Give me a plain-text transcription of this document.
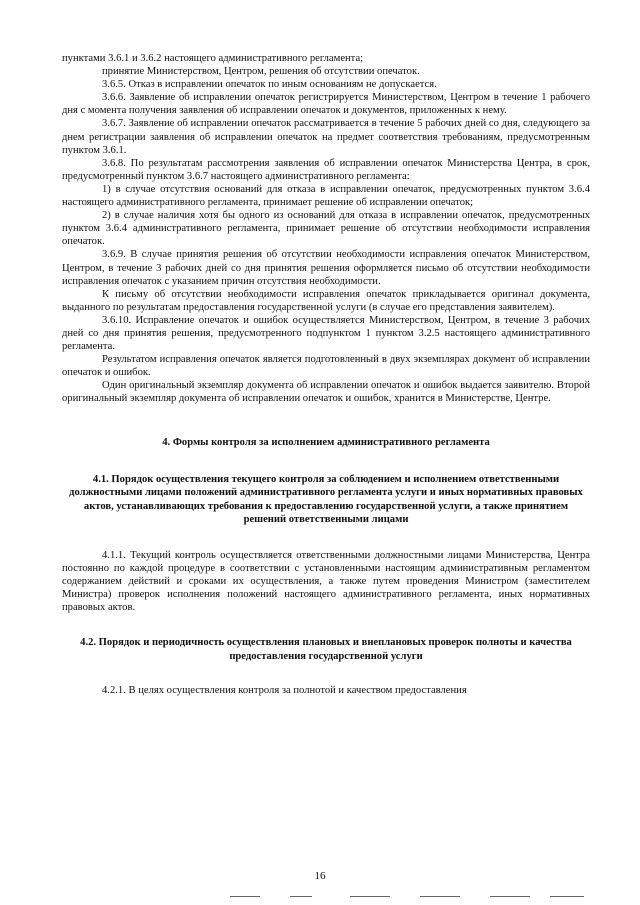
пунктами 3.6.1 и 3.6.2 настоящего административного регламента;

принятие Министерством, Центром, решения об отсутствии опечаток.

3.6.5. Отказ в исправлении опечаток по иным основаниям не допускается.

3.6.6. Заявление об исправлении опечаток регистрируется Министерством, Центром в течение 1 рабочего дня с момента получения заявления об исправлении опечаток и документов, приложенных к нему.

3.6.7. Заявление об исправлении опечаток рассматривается в течение 5 рабочих дней со дня, следующего за днем регистрации заявления об исправлении опечаток на предмет соответствия требованиям, предусмотренным пунктом 3.6.1.

3.6.8. По результатам рассмотрения заявления об исправлении опечаток Министерства Центра, в срок, предусмотренный пунктом 3.6.7 настоящего административного регламента:

1) в случае отсутствия оснований для отказа в исправлении опечаток, предусмотренных пунктом 3.6.4 настоящего административного регламента, принимает решение об исправлении опечаток;

2) в случае наличия хотя бы одного из оснований для отказа в исправлении опечаток, предусмотренных пунктом 3.6.4 административного регламента, принимает решение об отсутствии необходимости исправления опечаток.

3.6.9. В случае принятия решения об отсутствии необходимости исправления опечаток Министерством, Центром, в течение 3 рабочих дней со дня принятия решения оформляется письмо об отсутствии необходимости исправления опечаток с указанием причин отсутствия необходимости.

К письму об отсутствии необходимости исправления опечаток прикладывается оригинал документа, выданного по результатам предоставления государственной услуги (в случае его представления заявителем).

3.6.10. Исправление опечаток и ошибок осуществляется Министерством, Центром, в течение 3 рабочих дней со дня принятия решения, предусмотренного подпунктом 1 пунктом 3.2.5 настоящего административного регламента.

Результатом исправления опечаток является подготовленный в двух экземплярах документ об исправлении опечаток и ошибок.

Один оригинальный экземпляр документа об исправлении опечаток и ошибок выдается заявителю. Второй оригинальный экземпляр документа об исправлении опечаток и ошибок, хранится в Министерстве, Центре.

4. Формы контроля за исполнением административного регламента

4.1. Порядок осуществления текущего контроля за соблюдением и исполнением ответственными должностными лицами положений административного регламента услуги и иных нормативных правовых актов, устанавливающих требования к предоставлению государственной услуги, а также принятием решений ответственными лицами

4.1.1. Текущий контроль осуществляется ответственными должностными лицами Министерства, Центра постоянно по каждой процедуре в соответствии с установленными настоящим административным регламентом содержанием действий и сроками их осуществления, а также путем проведения Министром (заместителем Министра) проверок исполнения положений настоящего административного регламента, иных нормативных правовых актов.

4.2. Порядок и периодичность осуществления плановых и внеплановых проверок полноты и качества предоставления государственной услуги

4.2.1. В целях осуществления контроля за полнотой и качеством предоставления

16
